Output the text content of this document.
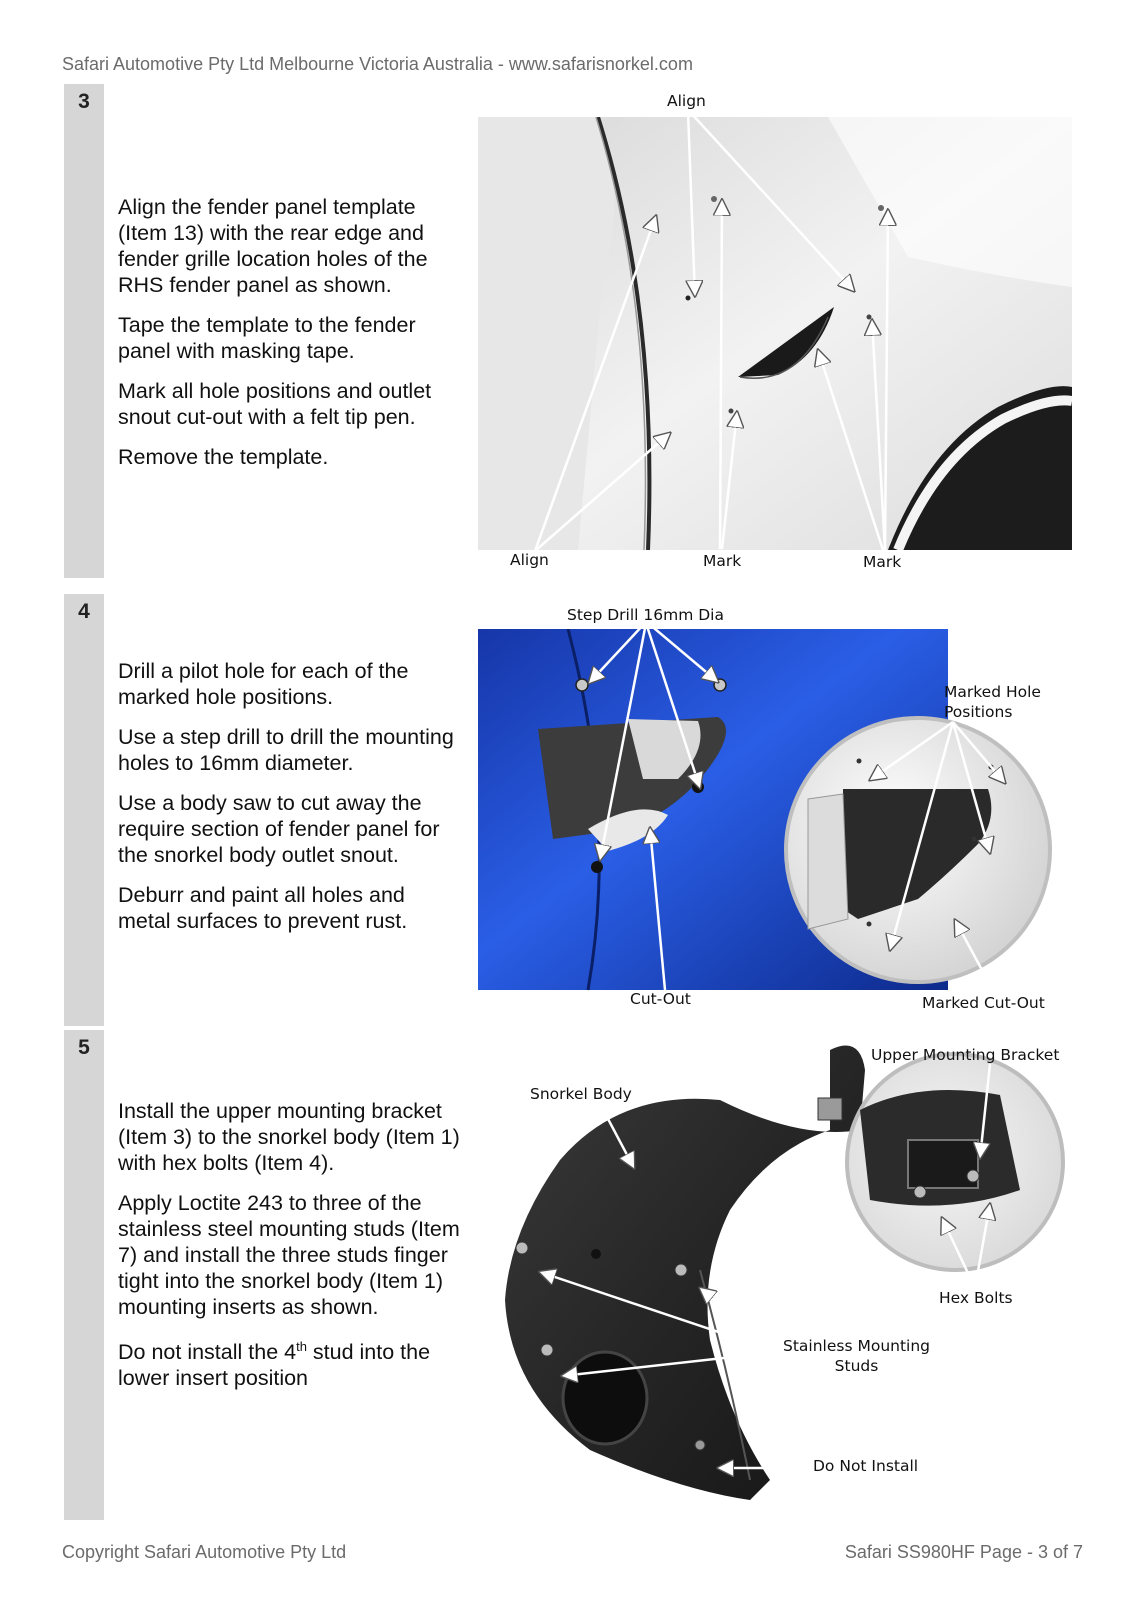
Safari Automotive Pty Ltd Melbourne Victoria Australia - www.safarisnorkel.com
3

Align the fender panel template (Item 13) with the rear edge and fender grille location holes of the RHS fender panel as shown.

Tape the template to the fender panel with masking tape.

Mark all hole positions and outlet snout cut-out with a felt tip pen.

Remove the template.

Align
Align	Mark	Mark
4

Drill a pilot hole for each of the marked hole positions.

Use a step drill to drill the mounting holes to 16mm diameter.

Use a body saw to cut away the require section of fender panel for the snorkel body outlet snout.

Deburr and paint all holes and metal surfaces to prevent rust.

Step Drill 16mm Dia
Marked Hole
Positions
Cut-Out	Marked Cut-Out
5

Install the upper mounting bracket (Item 3) to the snorkel body (Item 1) with hex bolts (Item 4).

Apply Loctite 243 to three of the stainless steel mounting studs (Item 7) and install the three studs finger tight into the snorkel body (Item 1) mounting inserts as shown.

Do not install the 4th stud into the lower insert position

Snorkel Body
Upper Mounting Bracket
Hex Bolts
Stainless Mounting
Studs
Do Not Install
Copyright Safari Automotive Pty Ltd	Safari SS980HF Page - 3 of 7
